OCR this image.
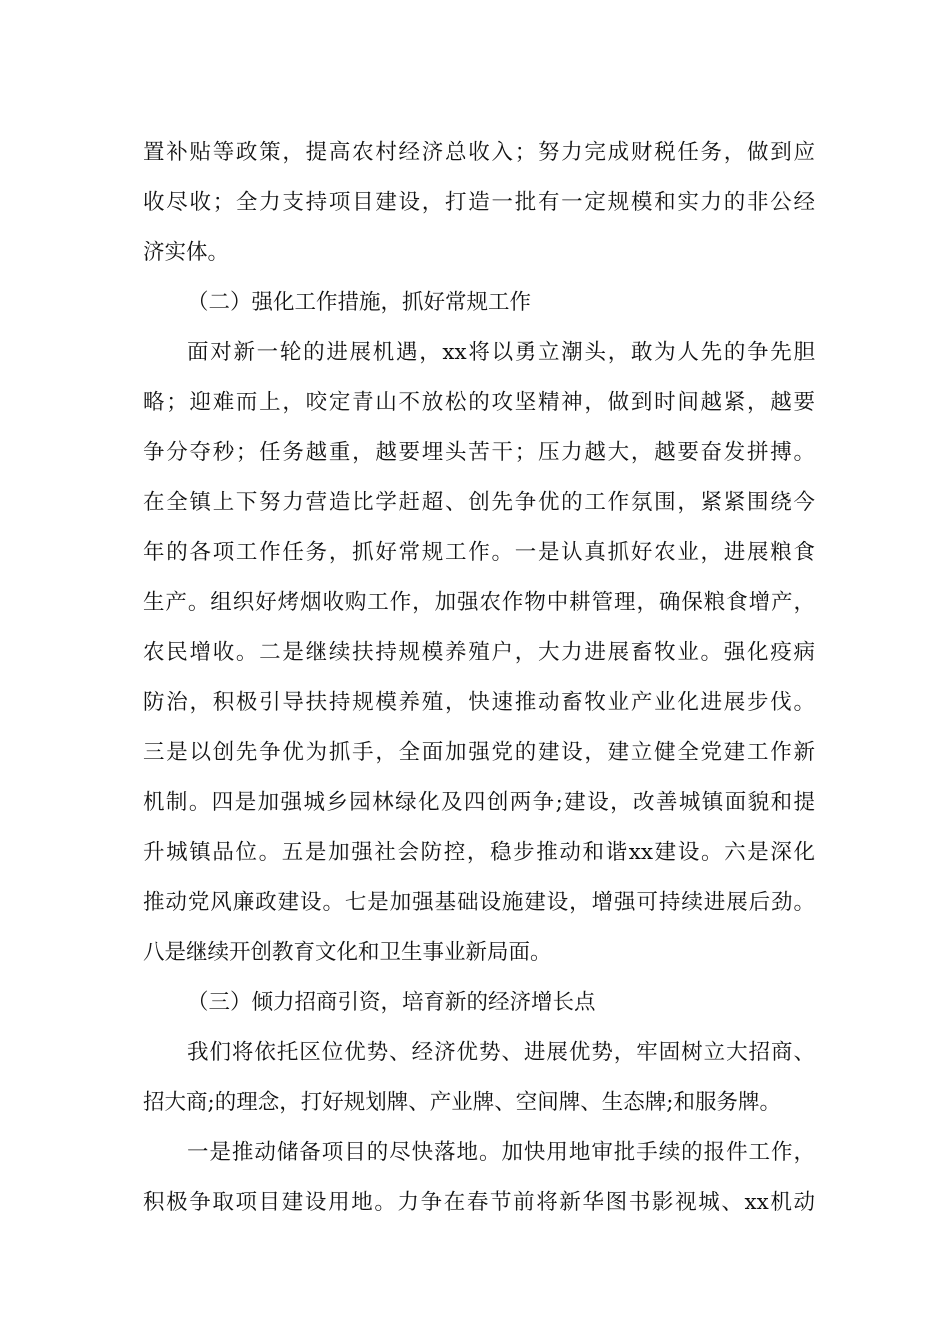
置补贴等政策，提高农村经济总收入；努力完成财税任务，做到应
收尽收；全力支持项目建设，打造一批有一定规模和实力的非公经
济实体。
（二）强化工作措施，抓好常规工作
面对新一轮的进展机遇，xx将以勇立潮头，敢为人先的争先胆
略；迎难而上，咬定青山不放松的攻坚精神，做到时间越紧，越要
争分夺秒；任务越重，越要埋头苦干；压力越大，越要奋发拼搏。
在全镇上下努力营造比学赶超、创先争优的工作氛围，紧紧围绕今
年的各项工作任务，抓好常规工作。一是认真抓好农业，进展粮食
生产。组织好烤烟收购工作，加强农作物中耕管理，确保粮食增产，
农民增收。二是继续扶持规模养殖户，大力进展畜牧业。强化疫病
防治，积极引导扶持规模养殖，快速推动畜牧业产业化进展步伐。
三是以创先争优为抓手，全面加强党的建设，建立健全党建工作新
机制。四是加强城乡园林绿化及四创两争;建设，改善城镇面貌和提
升城镇品位。五是加强社会防控，稳步推动和谐xx建设。六是深化
推动党风廉政建设。七是加强基础设施建设，增强可持续进展后劲。
八是继续开创教育文化和卫生事业新局面。
（三）倾力招商引资，培育新的经济增长点
我们将依托区位优势、经济优势、进展优势，牢固树立大招商、
招大商;的理念，打好规划牌、产业牌、空间牌、生态牌;和服务牌。
一是推动储备项目的尽快落地。加快用地审批手续的报件工作，
积极争取项目建设用地。力争在春节前将新华图书影视城、xx机动
